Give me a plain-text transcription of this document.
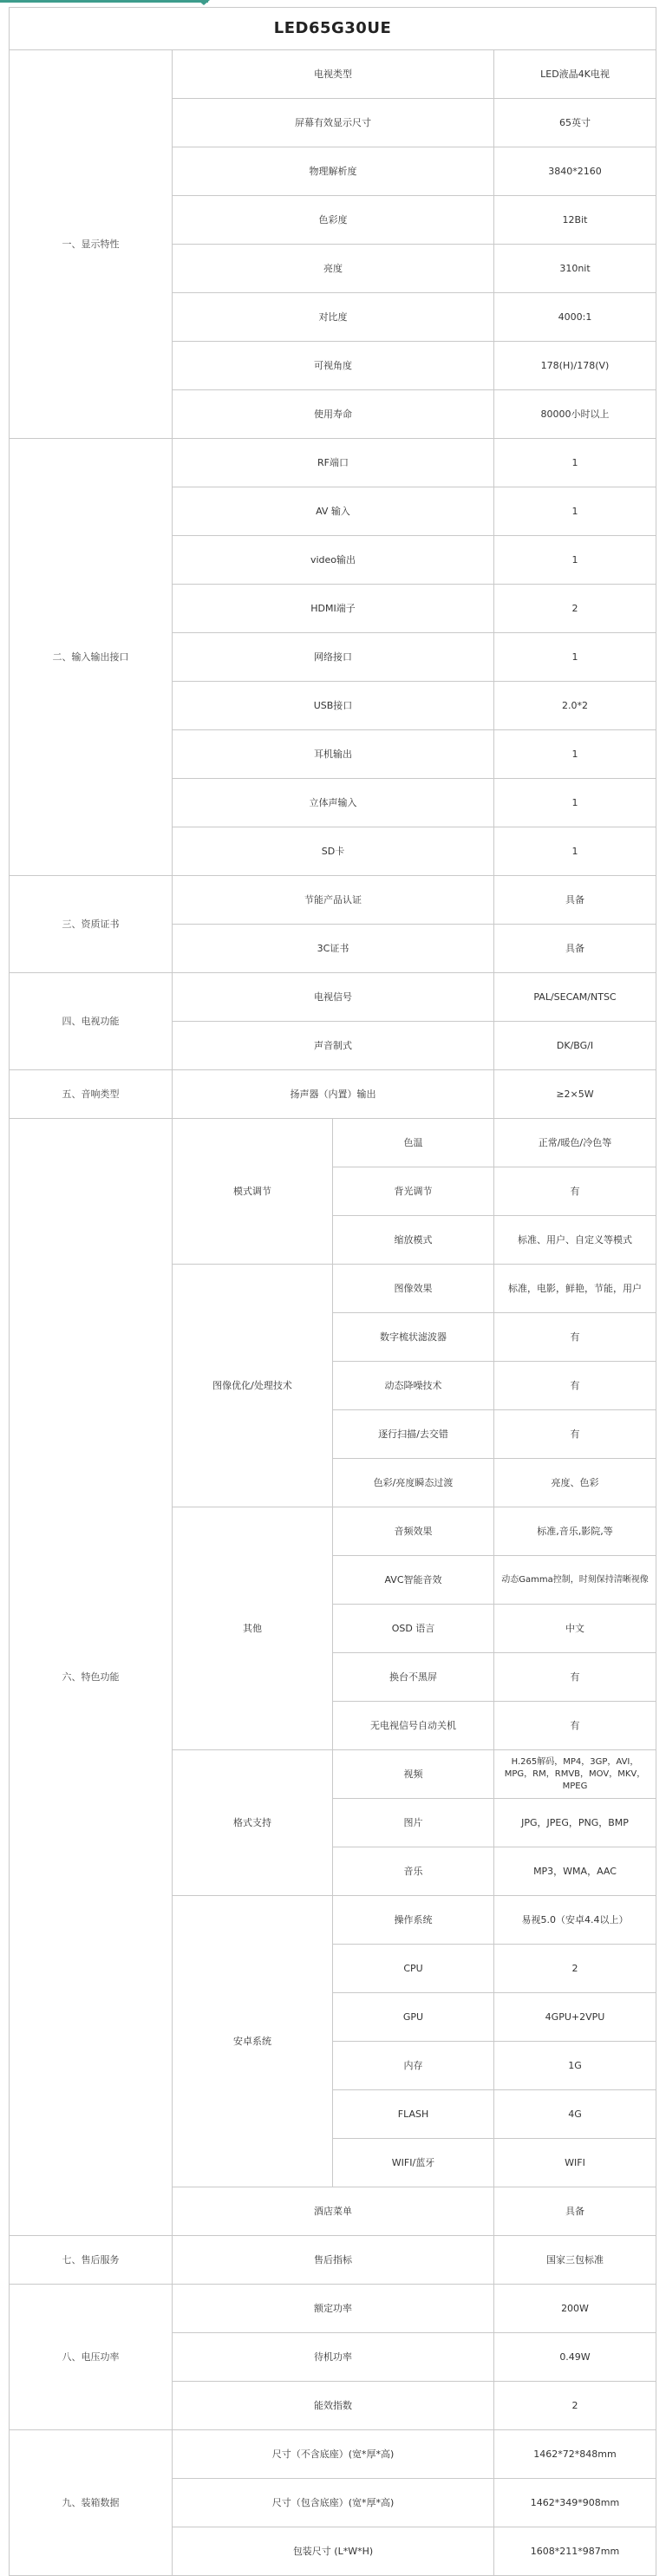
LED65G30UE			
一、显示特性	电视类型		LED液晶4K电视
	屏幕有效显示尺寸		65英寸
	物理解析度		3840*2160
	色彩度		12Bit
	亮度		310nit
	对比度		4000:1
	可视角度		178(H)/178(V)
	使用寿命		80000小时以上
二、输入输出接口	RF端口		1
	AV 输入		1
	video输出		1
	HDMI端子		2
	网络接口		1
	USB接口		2.0*2
	耳机输出		1
	立体声输入		1
	SD卡		1
三、资质证书	节能产品认证		具备
	3C证书		具备
四、电视功能	电视信号		PAL/SECAM/NTSC
	声音制式		DK/BG/I
五、音响类型	扬声器（内置）输出		≥2×5W
六、特色功能	模式调节	色温	正常/暖色/冷色等
		背光调节	有
		缩放模式	标准、用户、自定义等模式
	图像优化/处理技术	图像效果	标准，电影，鲜艳，节能，用户
		数字梳状滤波器	有
		动态降噪技术	有
		逐行扫描/去交错	有
		色彩/亮度瞬态过渡	亮度、色彩
	其他	音频效果	标准,音乐,影院,等
		AVC智能音效	动态Gamma控制，时刻保持清晰视像
		OSD 语言	中文
		换台不黑屏	有
		无电视信号自动关机	有
	格式支持	视频	H.265解码，MP4，3GP，AVI，MPG，RM，RMVB，MOV，MKV，MPEG
		图片	JPG，JPEG，PNG，BMP
		音乐	MP3，WMA，AAC
	安卓系统	操作系统	易视5.0（安卓4.4以上）
		CPU	2
		GPU	4GPU+2VPU
		内存	1G
		FLASH	4G
		WIFI/蓝牙	WIFI
	酒店菜单		具备
七、售后服务	售后指标		国家三包标准
八、电压功率	额定功率		200W
	待机功率		0.49W
	能效指数		2
九、装箱数据	尺寸（不含底座）(宽*厚*高)		1462*72*848mm
	尺寸（包含底座）(宽*厚*高)		1462*349*908mm
	包装尺寸 (L*W*H)		1608*211*987mm
